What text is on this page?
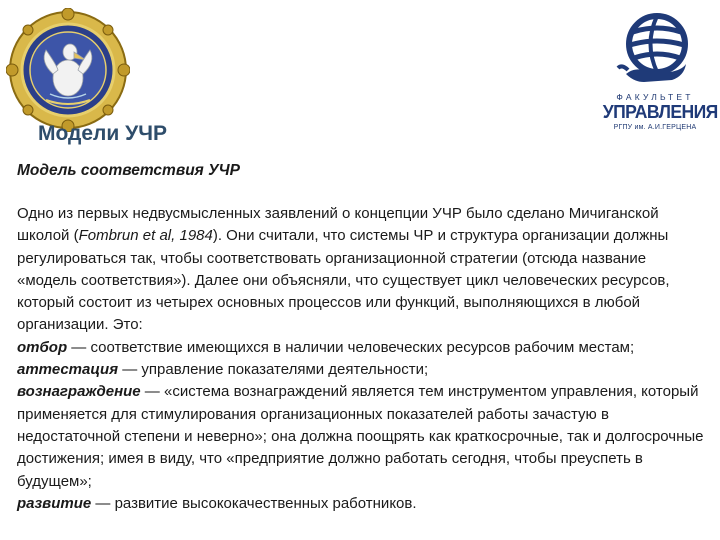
ФАКУЛЬТЕТ
УПРАВЛЕНИЯ
РГПУ им. А.И.ГЕРЦЕНА
Модели УЧР
Модель соответствия УЧР

Одно из первых недвусмысленных заявлений о концепции УЧР было сделано Мичиганской школой (Fombrun et al, 1984). Они считали, что системы ЧР и структура организации должны регулироваться так, чтобы соответствовать организационной стратегии (отсюда название «модель соответствия»). Далее они объясняли, что существует цикл человеческих ресурсов, который состоит из четырех основных процессов или функций, выполняющихся в любой организации. Это:

отбор — соответствие имеющихся в наличии человеческих ресурсов рабочим местам;

аттестация — управление показателями деятельности;

вознаграждение — «система вознаграждений является тем инструментом управления, который применяется для стимулирования организационных показателей работы зачастую в недостаточной степени и неверно»; она должна поощрять как краткосрочные, так и долгосрочные достижения; имея в виду, что «предприятие должно работать сегодня, чтобы преуспеть в будущем»;

развитие — развитие высококачественных работников.
